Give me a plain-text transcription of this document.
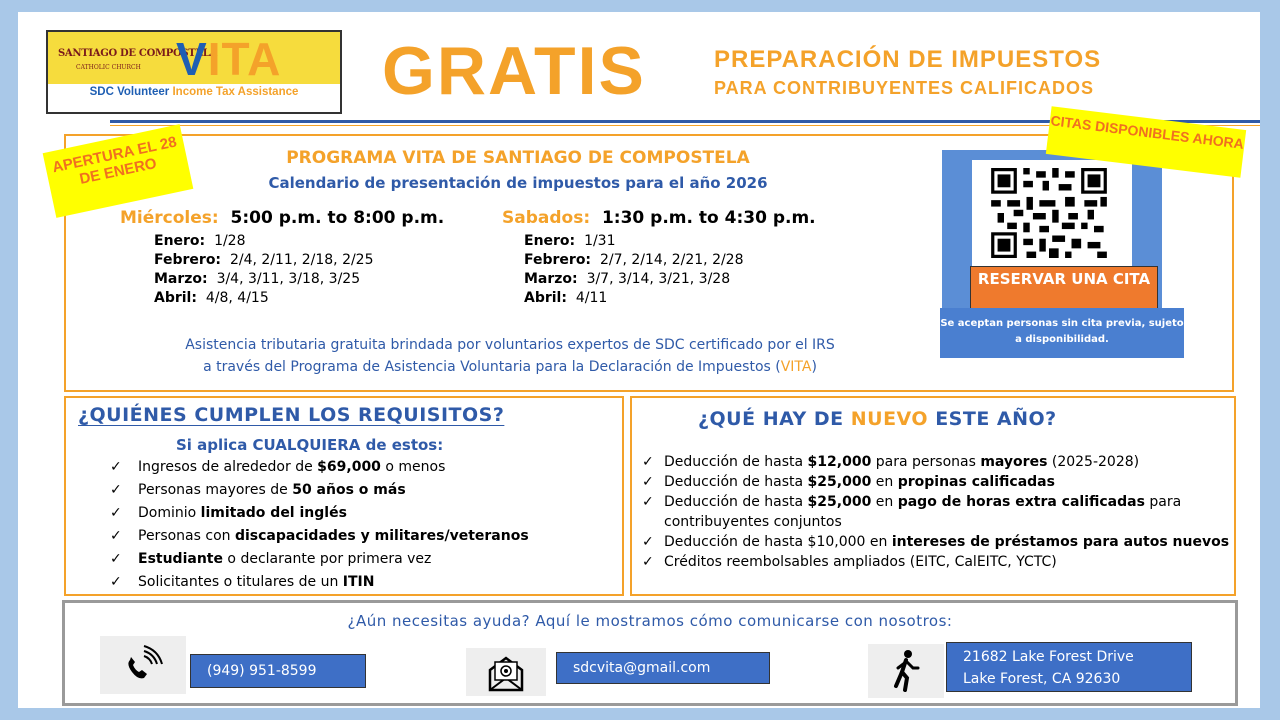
SANTIAGO DE COMPOSTELA
CATHOLIC CHURCH VITA
SDC Volunteer Income Tax Assistance	GRATIS	PREPARACIÓN DE IMPUESTOS
PARA CONTRIBUYENTES CALIFICADOS
APERTURA EL 28 DE ENERO	PROGRAMA VITA DE SANTIAGO DE COMPOSTELA
Calendario de presentación de impuestos para el año 2026
Miércoles: 5:00 p.m. to 8:00 p.m.
Enero: 1/28
Febrero: 2/4, 2/11, 2/18, 2/25
Marzo: 3/4, 3/11, 3/18, 3/25
Abril: 4/8, 4/15
Sabados: 1:30 p.m. to 4:30 p.m.
Enero: 1/31
Febrero: 2/7, 2/14, 2/21, 2/28
Marzo: 3/7, 3/14, 3/21, 3/28
Abril: 4/11
Asistencia tributaria gratuita brindada por voluntarios expertos de SDC certificado por el IRS
a través del Programa de Asistencia Voluntaria para la Declaración de Impuestos (VITA)
RESERVAR UNA CITA
Se aceptan personas sin cita previa, sujeto a disponibilidad.
CITAS DISPONIBLES AHORA
¿QUIÉNES CUMPLEN LOS REQUISITOS?
Si aplica CUALQUIERA de estos:
✓ Ingresos de alrededor de $69,000 o menos
✓ Personas mayores de 50 años o más
✓ Dominio limitado del inglés
✓ Personas con discapacidades y militares/veteranos
✓ Estudiante o declarante por primera vez
✓ Solicitantes o titulares de un ITIN
¿QUÉ HAY DE NUEVO ESTE AÑO?
✓ Deducción de hasta $12,000 para personas mayores (2025-2028)
✓ Deducción de hasta $25,000 en propinas calificadas
✓ Deducción de hasta $25,000 en pago de horas extra calificadas para contribuyentes conjuntos
✓ Deducción de hasta $10,000 en intereses de préstamos para autos nuevos
✓ Créditos reembolsables ampliados (EITC, CalEITC, YCTC)
¿Aún necesitas ayuda? Aquí le mostramos cómo comunicarse con nosotros:
(949) 951-8599	sdcvita@gmail.com
21682 Lake Forest Drive
Lake Forest, CA 92630
